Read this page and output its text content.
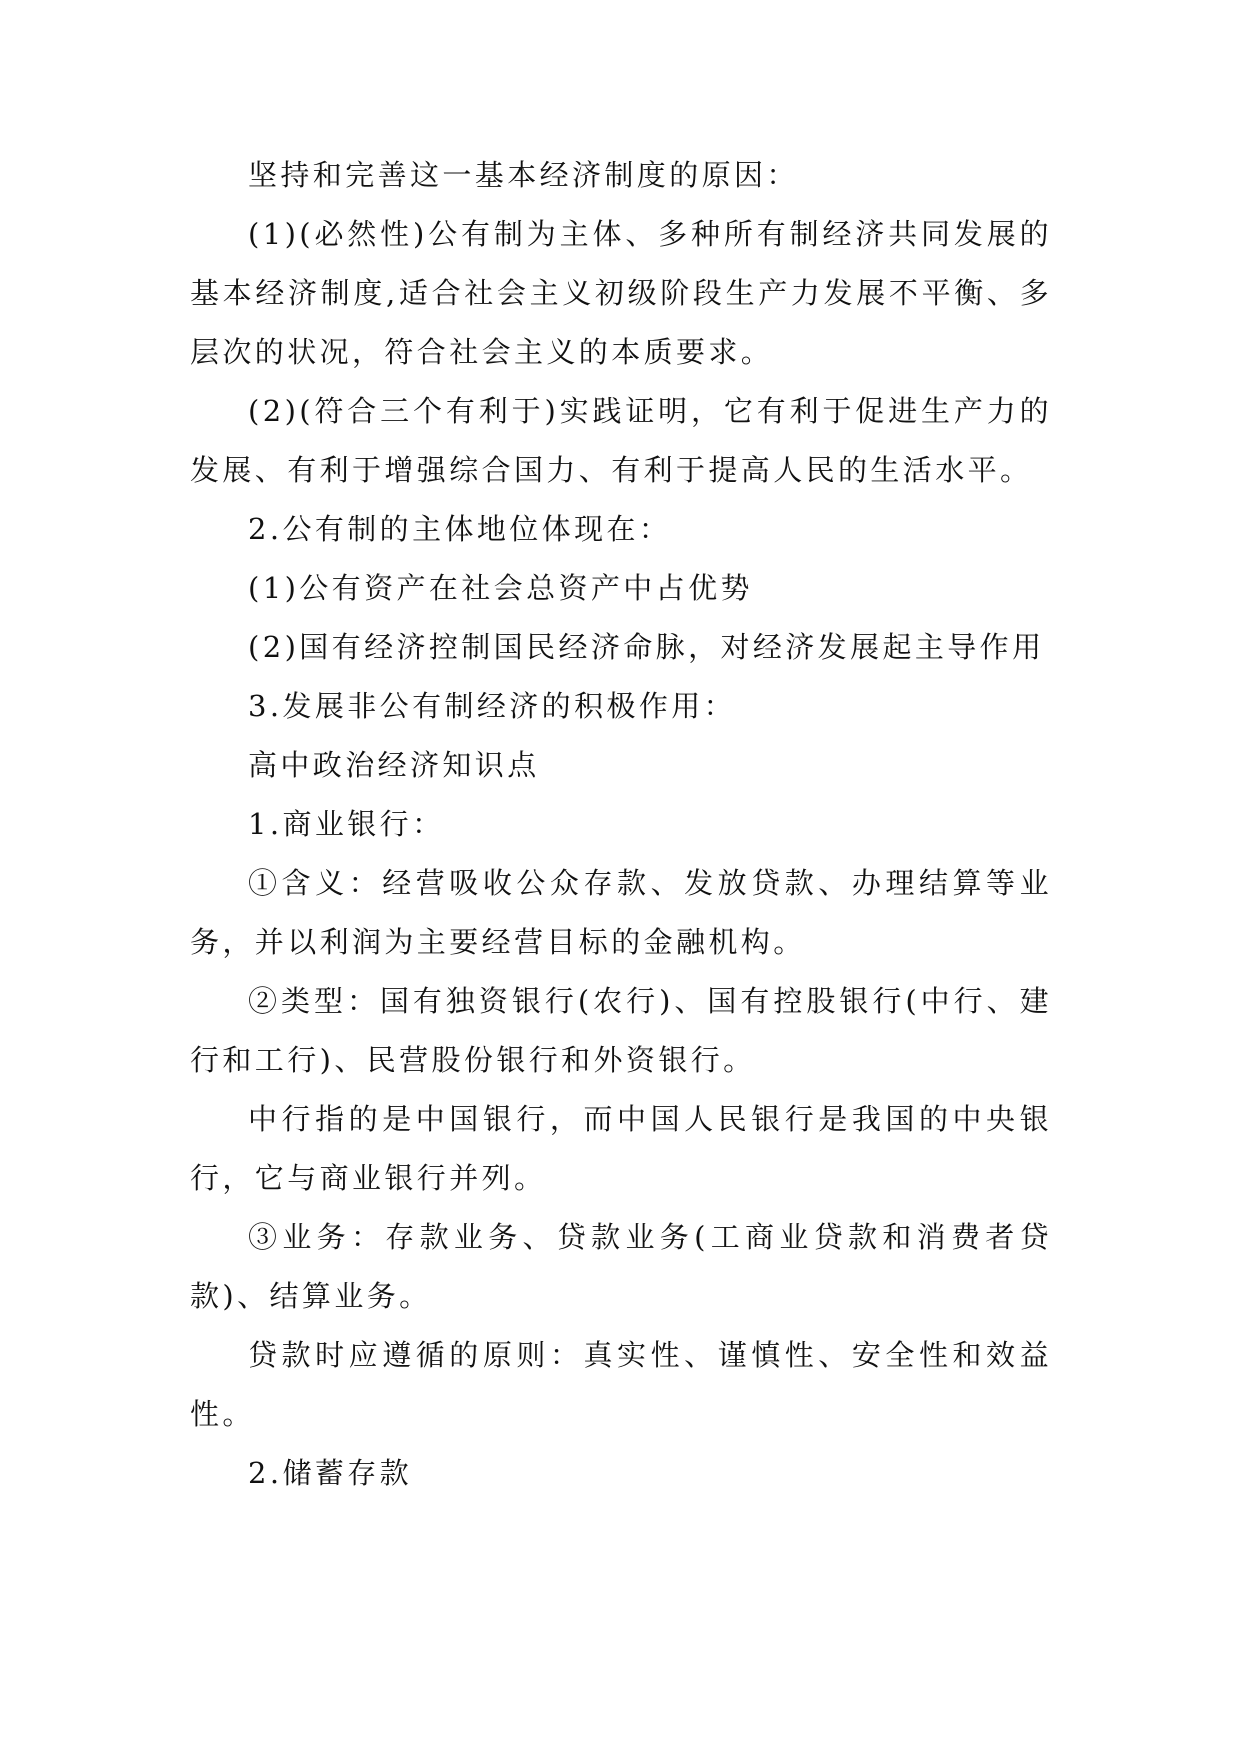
坚持和完善这一基本经济制度的原因：

(1)(必然性)公有制为主体、多种所有制经济共同发展的基本经济制度,适合社会主义初级阶段生产力发展不平衡、多层次的状况，符合社会主义的本质要求。

(2)(符合三个有利于)实践证明，它有利于促进生产力的发展、有利于增强综合国力、有利于提高人民的生活水平。

2.公有制的主体地位体现在：

(1)公有资产在社会总资产中占优势

(2)国有经济控制国民经济命脉，对经济发展起主导作用

3.发展非公有制经济的积极作用：

高中政治经济知识点

1.商业银行：

①含义：经营吸收公众存款、发放贷款、办理结算等业务，并以利润为主要经营目标的金融机构。

②类型：国有独资银行(农行)、国有控股银行(中行、建行和工行)、民营股份银行和外资银行。

中行指的是中国银行，而中国人民银行是我国的中央银行，它与商业银行并列。

③业务：存款业务、贷款业务(工商业贷款和消费者贷款)、结算业务。

贷款时应遵循的原则：真实性、谨慎性、安全性和效益性。

2.储蓄存款
